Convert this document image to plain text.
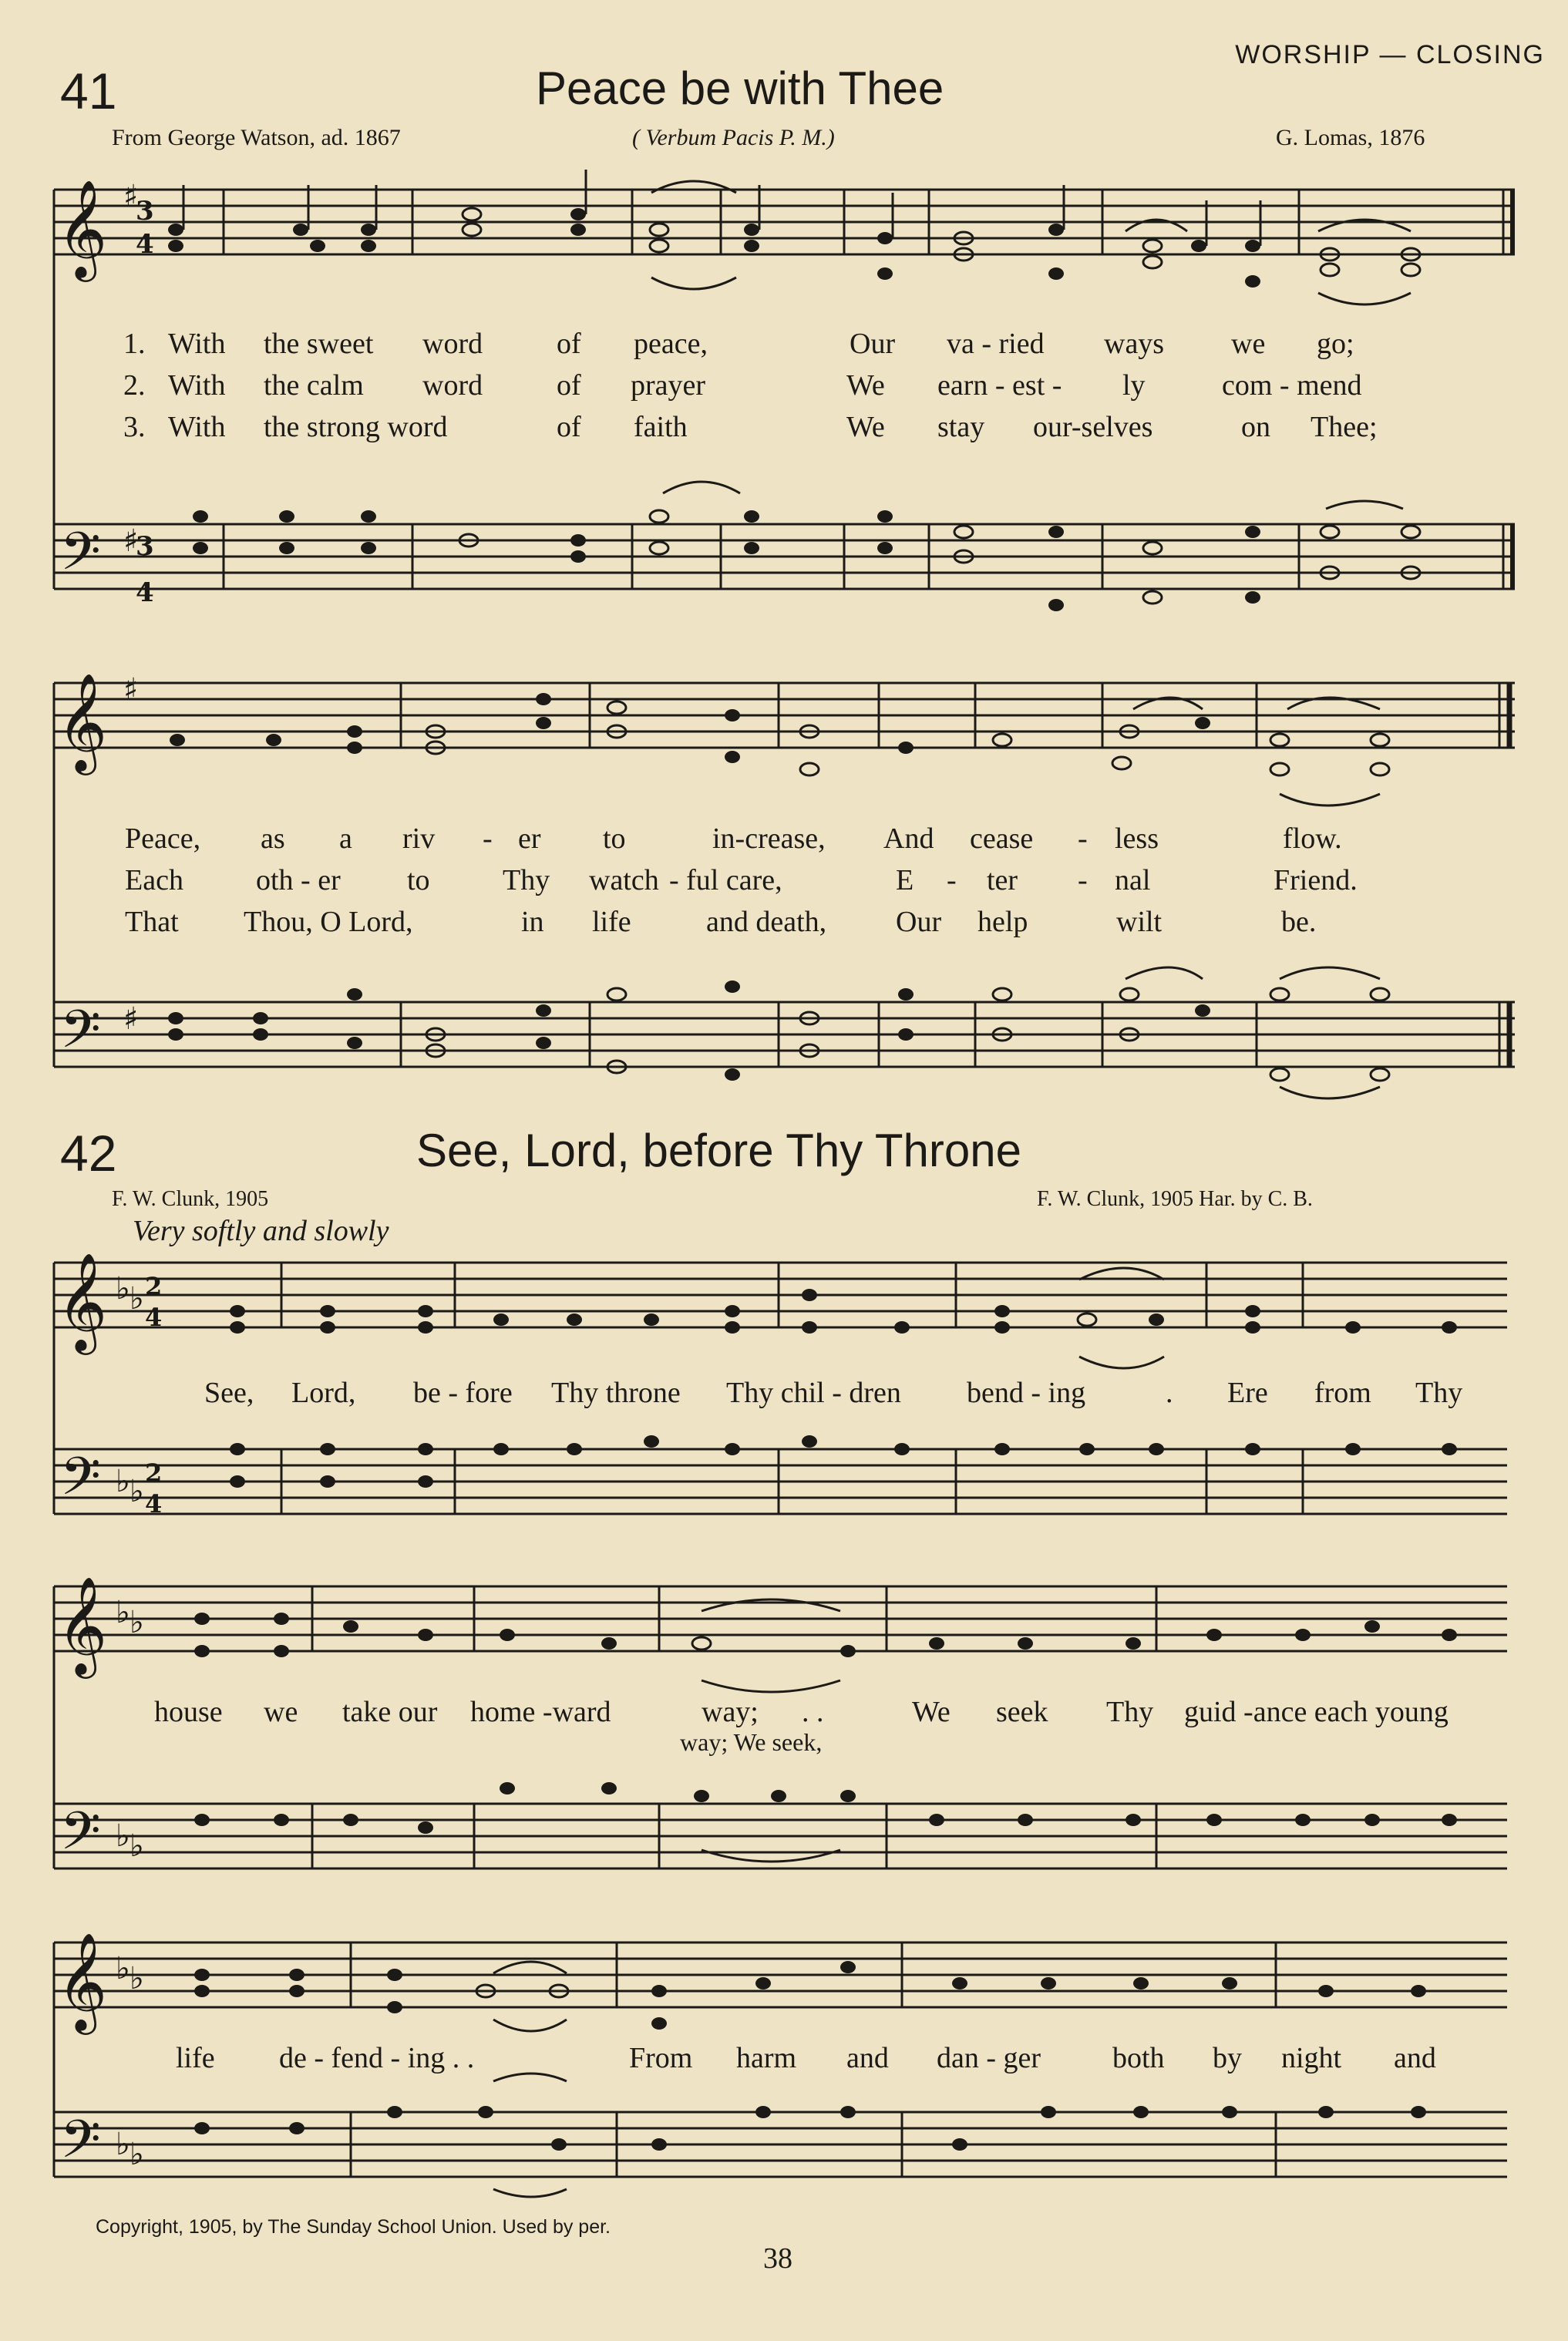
WORSHIP — CLOSING
41	Peace be with Thee
From George Watson, ad. 1867	( Verbum Pacis P. M.)	G. Lomas, 1876
𝄞
𝄢
𝄞
𝄢
𝄞
𝄢
𝄞
𝄢
𝄞
𝄢
♯
3
4
♯
3
4
♯
♯
♭ ♭ 2
4
♭ ♭
2
4
♭ ♭
♭ ♭
♭ ♭
♭ ♭
1. With the sweet word	of peace,	Our va - ried ways we go;
2. With the calm word	of prayer	We earn - est - ly	com - mend
3. With the strong word	of faith	We stay our-selves	on Thee;
Peace, as a riv - er to	in-crease, And cease - less	flow.
Each oth - er to Thy watch - ful care,	E - ter - nal	Friend.
That Thou, O Lord,	in life	and death, Our help	wilt	be.
42	See, Lord, before Thy Throne
F. W. Clunk, 1905	F. W. Clunk, 1905 Har. by C. B.
Very softly and slowly
See, Lord, be - fore Thy throne Thy chil - dren bend - ing	. Ere from Thy
house we take our home -ward	way; . .	We seek Thy guid -ance each young
way; We seek,
life de - fend - ing . .	From harm and dan - ger both by night and
Copyright, 1905, by The Sunday School Union. Used by per.
38
